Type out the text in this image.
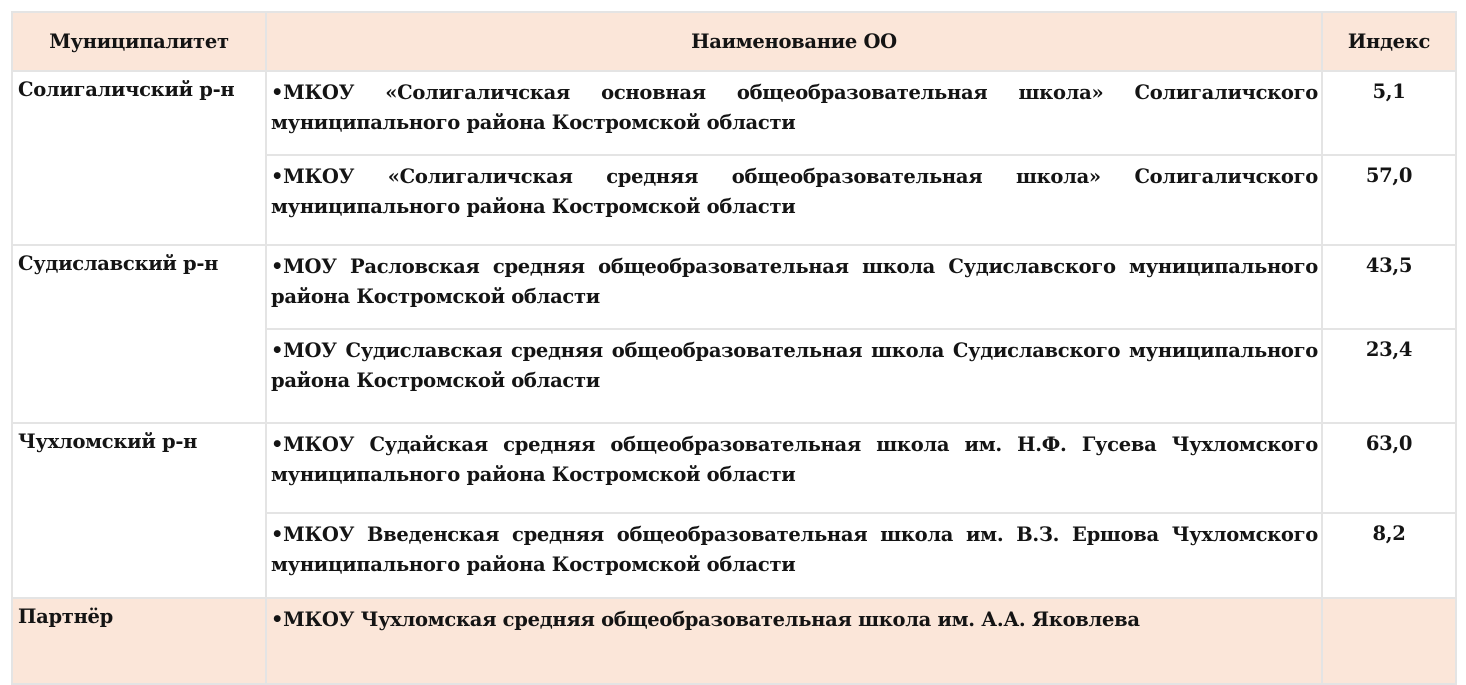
Муниципалитет	Наименование ОО	Индекс
Солигаличский р-н	•МКОУ «Солигаличская основная общеобразовательная школа» Солигаличского муниципального района Костромской области	5,1
	•МКОУ «Солигаличская средняя общеобразовательная школа» Солигаличского муниципального района Костромской области	57,0
Судиславский р-н	•МОУ Расловская средняя общеобразовательная школа Судиславского муниципального района Костромской области	43,5
	•МОУ Судиславская средняя общеобразовательная школа Судиславского муниципального района Костромской области	23,4
Чухломский р-н	•МКОУ Судайская средняя общеобразовательная школа им. Н.Ф. Гусева Чухломского муниципального района Костромской области	63,0
	•МКОУ Введенская средняя общеобразовательная школа им. В.З. Ершова Чухломского муниципального района Костромской области	8,2
Партнёр	•МКОУ Чухломская средняя общеобразовательная школа им. А.А. Яковлева	
